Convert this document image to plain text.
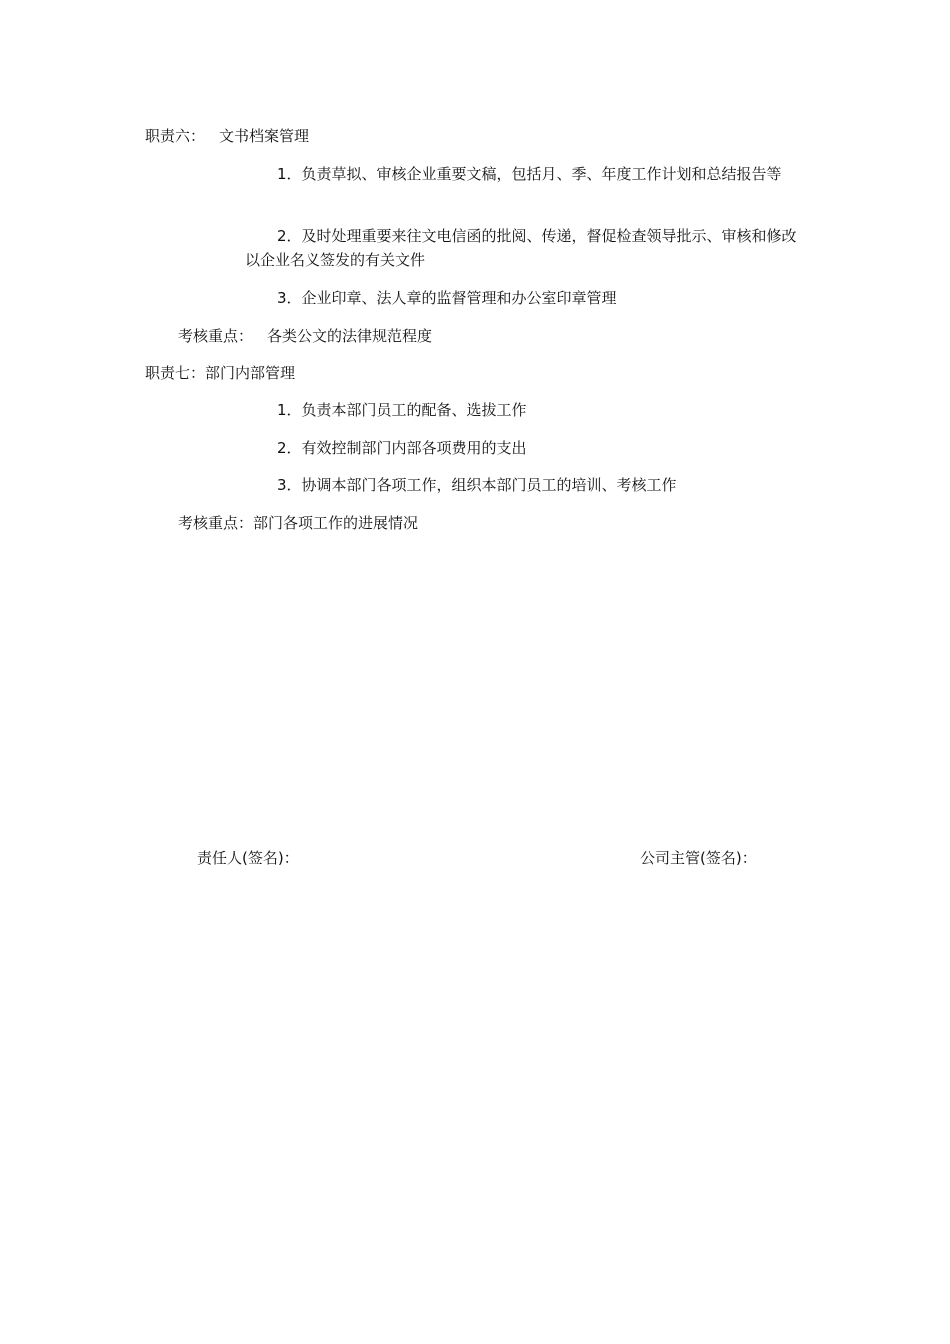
职责六： 文书档案管理
1．负责草拟、审核企业重要文稿，包括月、季、年度工作计划和总结报告等
2．及时处理重要来往文电信函的批阅、传递，督促检查领导批示、审核和修改以企业名义签发的有关文件
3．企业印章、法人章的监督管理和办公室印章管理
考核重点： 各类公文的法律规范程度
职责七：部门内部管理
1．负责本部门员工的配备、选拔工作
2．有效控制部门内部各项费用的支出
3．协调本部门各项工作，组织本部门员工的培训、考核工作
考核重点：部门各项工作的进展情况
责任人(签名)：	公司主管(签名)：
